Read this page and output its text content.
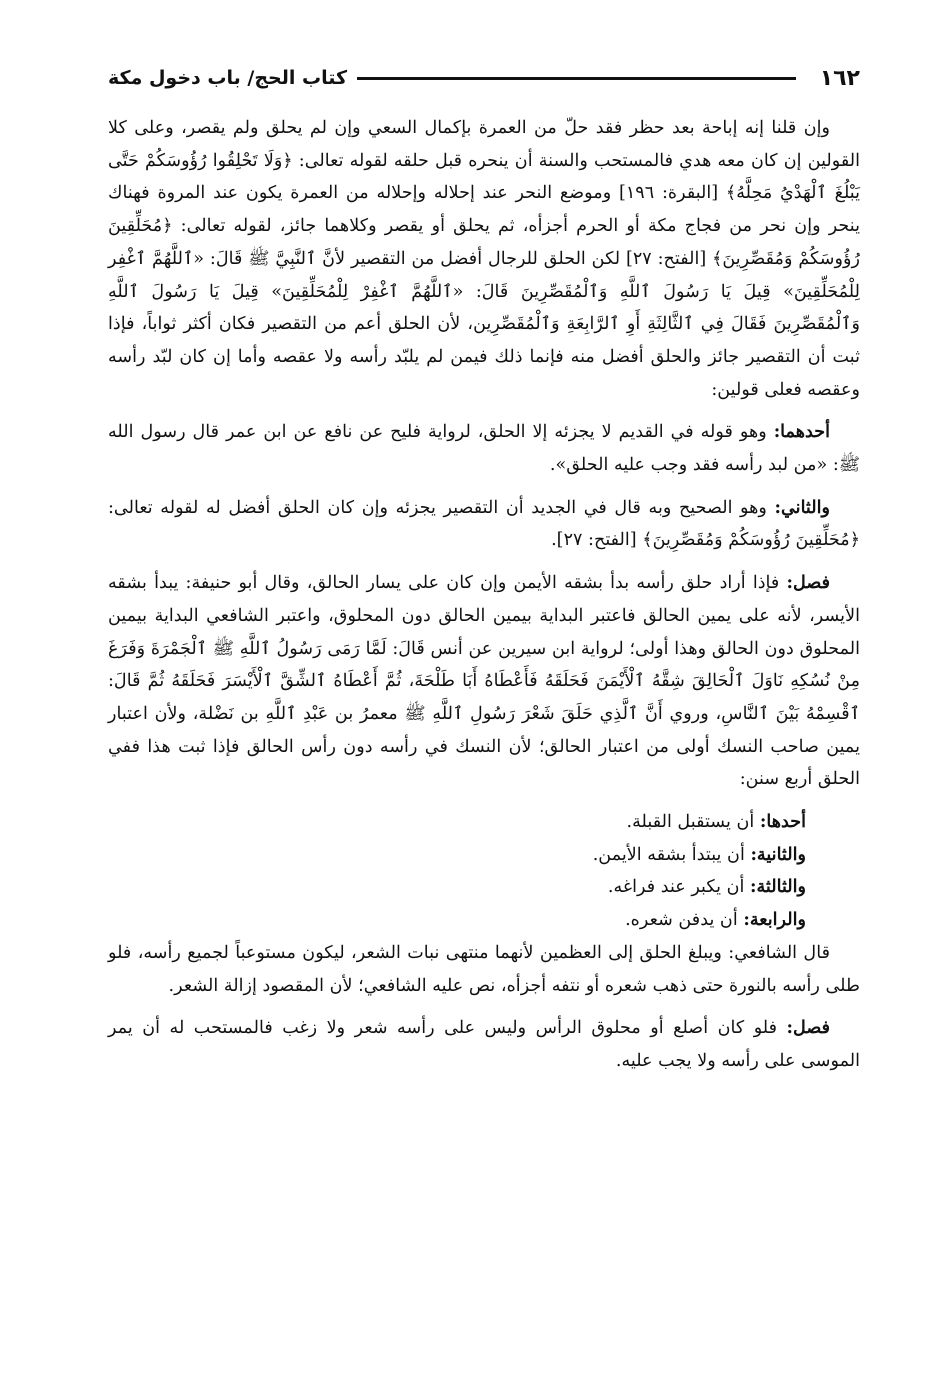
١٦٢
كتاب الحج/ باب دخول مكة

وإن قلنا إنه إباحة بعد حظر فقد حلّ من العمرة بإكمال السعي وإن لم يحلق ولم يقصر، وعلى كلا القولين إن كان معه هدي فالمستحب والسنة أن ينحره قبل حلقه لقوله تعالى: ﴿وَلَا تَحْلِقُوا رُؤُوسَكُمْ حَتَّى يَبْلُغَ ٱلْهَدْيُ مَحِلَّهُ﴾ [البقرة: ١٩٦] وموضع النحر عند إحلاله وإحلاله من العمرة يكون عند المروة فهناك ينحر وإن نحر من فجاج مكة أو الحرم أجزأه، ثم يحلق أو يقصر وكلاهما جائز، لقوله تعالى: ﴿مُحَلِّقِينَ رُؤُوسَكُمْ وَمُقَصِّرِينَ﴾ [الفتح: ٢٧] لكن الحلق للرجال أفضل من التقصير لأنَّ ٱلنَّبِيَّ ﷺ قَالَ: «ٱللَّهُمَّ ٱغْفِر لِلْمُحَلِّقِينَ» قِيلَ يَا رَسُولَ ٱللَّهِ وَٱلْمُقَصِّرِينَ قَالَ: «ٱللَّهُمَّ ٱغْفِرْ لِلْمُحَلِّقِينَ» قِيلَ يَا رَسُولَ ٱللَّهِ وَٱلْمُقَصِّرِينَ فَقَالَ فِي ٱلثَّالِثَةِ أَوِ ٱلرَّابِعَةِ وَٱلْمُقَصِّرِين، لأن الحلق أعم من التقصير فكان أكثر ثواباً، فإذا ثبت أن التقصير جائز والحلق أفضل منه فإنما ذلك فيمن لم يلبّد رأسه ولا عقصه وأما إن كان لبّد رأسه وعقصه فعلى قولين:

أحدهما: وهو قوله في القديم لا يجزئه إلا الحلق، لرواية فليح عن نافع عن ابن عمر قال رسول الله ﷺ: «من لبد رأسه فقد وجب عليه الحلق».

والثاني: وهو الصحيح وبه قال في الجديد أن التقصير يجزئه وإن كان الحلق أفضل له لقوله تعالى: ﴿مُحَلِّقِينَ رُؤُوسَكُمْ وَمُقَصِّرِينَ﴾ [الفتح: ٢٧].

فصل: فإذا أراد حلق رأسه بدأ بشقه الأيمن وإن كان على يسار الحالق، وقال أبو حنيفة: يبدأ بشقه الأيسر، لأنه على يمين الحالق فاعتبر البداية بيمين الحالق دون المحلوق، واعتبر الشافعي البداية بيمين المحلوق دون الحالق وهذا أولى؛ لرواية ابن سيرين عن أنس قَالَ: لَمَّا رَمَى رَسُولُ ٱللَّهِ ﷺ ٱلْجَمْرَةَ وَفَرَغَ مِنْ نُسُكِهِ نَاوَلَ ٱلْحَالِقَ شِقَّهُ ٱلْأَيْمَنَ فَحَلَقَهُ فَأَعْطَاهُ أَبَا طَلْحَةَ، ثُمَّ أَعْطَاهُ ٱلشِّقَّ ٱلْأَيْسَرَ فَحَلَقَهُ ثُمَّ قَالَ: ٱقْسِمْهُ بَيْنَ ٱلنَّاسِ، وروي أَنَّ ٱلَّذِي حَلَقَ شَعْرَ رَسُولِ ٱللَّهِ ﷺ معمرُ بن عَبْدِ ٱللَّهِ بن نَضْلة، ولأن اعتبار يمين صاحب النسك أولى من اعتبار الحالق؛ لأن النسك في رأسه دون رأس الحالق فإذا ثبت هذا ففي الحلق أربع سنن:

أحدها: أن يستقبل القبلة.

والثانية: أن يبتدأ بشقه الأيمن.

والثالثة: أن يكبر عند فراغه.

والرابعة: أن يدفن شعره.

قال الشافعي: ويبلغ الحلق إلى العظمين لأنهما منتهى نبات الشعر، ليكون مستوعباً لجميع رأسه، فلو طلى رأسه بالنورة حتى ذهب شعره أو نتفه أجزأه، نص عليه الشافعي؛ لأن المقصود إزالة الشعر.

فصل: فلو كان أصلع أو محلوق الرأس وليس على رأسه شعر ولا زغب فالمستحب له أن يمر الموسى على رأسه ولا يجب عليه.
